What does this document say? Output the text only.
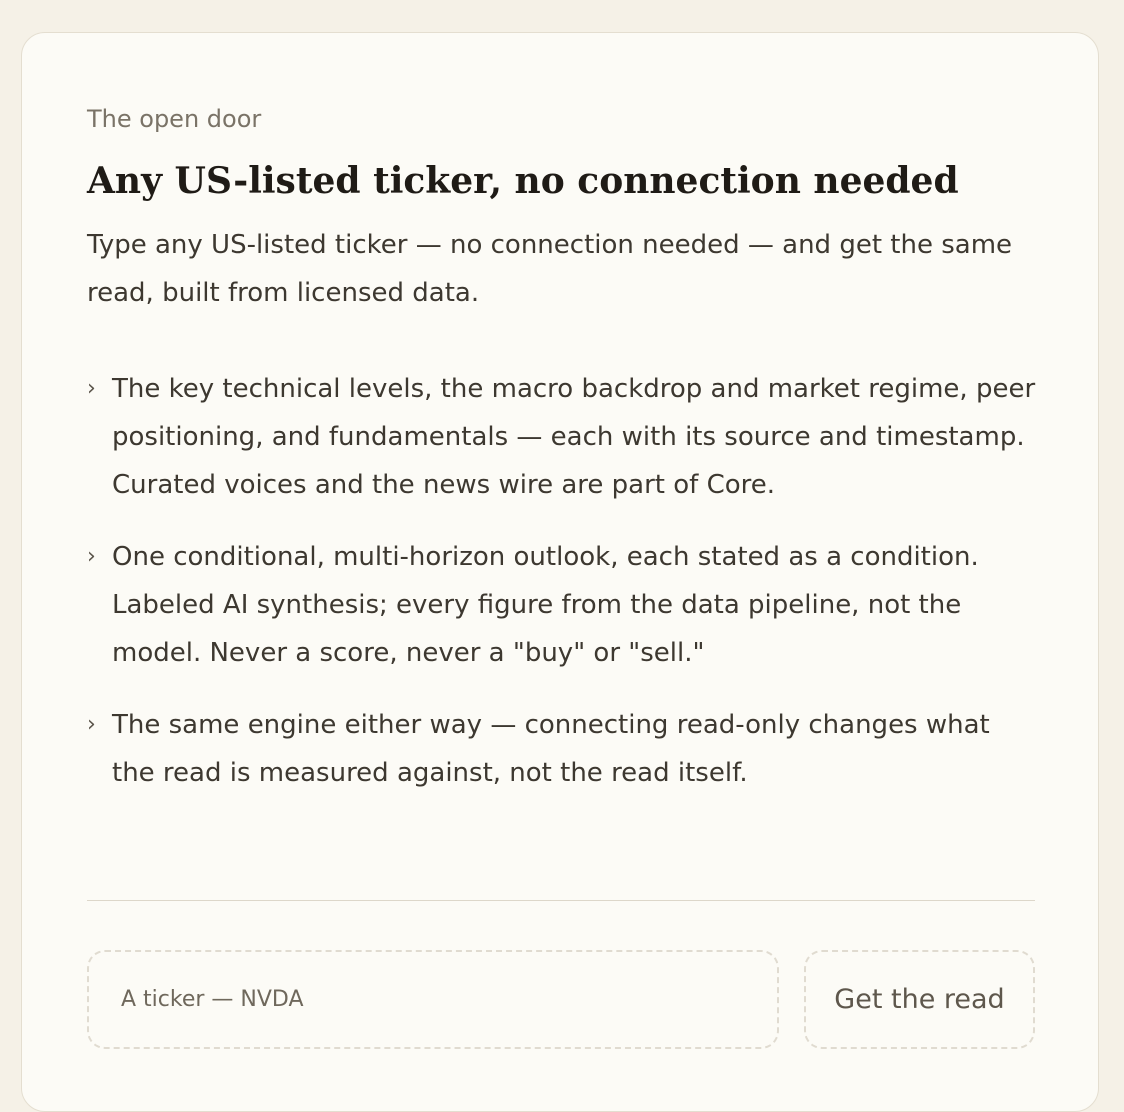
The open door

Any US-listed ticker, no connection needed

Type any US-listed ticker — no connection needed — and get the same read, built from licensed data.

› The key technical levels, the macro backdrop and market regime, peer positioning, and fundamentals — each with its source and timestamp. Curated voices and the news wire are part of Core.
› One conditional, multi-horizon outlook, each stated as a condition. Labeled AI synthesis; every figure from the data pipeline, not the model. Never a score, never a "buy" or "sell."
› The same engine either way — connecting read-only changes what the read is measured against, not the read itself.
A ticker — NVDA
Get the read
